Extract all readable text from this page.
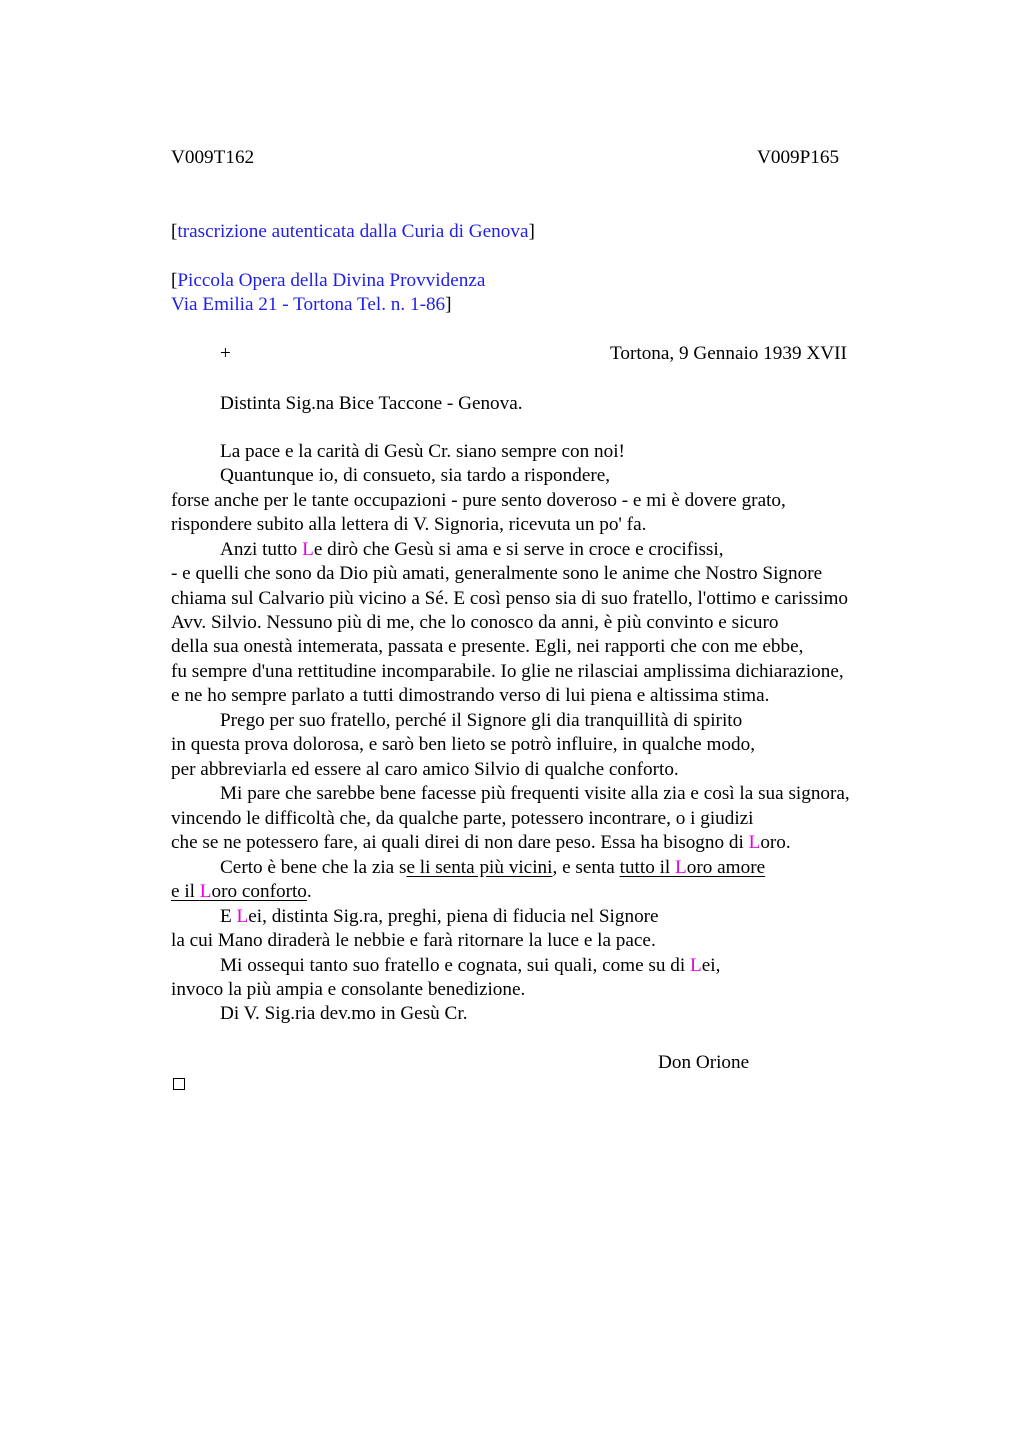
V009T162	V009P165
[trascrizione autenticata dalla Curia di Genova]
[Piccola Opera della Divina Provvidenza
Via Emilia 21 - Tortona Tel. n. 1-86]
+	Tortona, 9 Gennaio 1939 XVII
Distinta Sig.na Bice Taccone - Genova.
La pace e la carità di Gesù Cr. siano sempre con noi!
Quantunque io, di consueto, sia tardo a rispondere,
forse anche per le tante occupazioni - pure sento doveroso - e mi è dovere grato,
rispondere subito alla lettera di V. Signoria, ricevuta un po' fa.
Anzi tutto Le dirò che Gesù si ama e si serve in croce e crocifissi,
- e quelli che sono da Dio più amati, generalmente sono le anime che Nostro Signore
chiama sul Calvario più vicino a Sé. E così penso sia di suo fratello, l'ottimo e carissimo
Avv. Silvio. Nessuno più di me, che lo conosco da anni, è più convinto e sicuro
della sua onestà intemerata, passata e presente. Egli, nei rapporti che con me ebbe,
fu sempre d'una rettitudine incomparabile. Io glie ne rilasciai amplissima dichiarazione,
e ne ho sempre parlato a tutti dimostrando verso di lui piena e altissima stima.
Prego per suo fratello, perché il Signore gli dia tranquillità di spirito
in questa prova dolorosa, e sarò ben lieto se potrò influire, in qualche modo,
per abbreviarla ed essere al caro amico Silvio di qualche conforto.
Mi pare che sarebbe bene facesse più frequenti visite alla zia e così la sua signora,
vincendo le difficoltà che, da qualche parte, potessero incontrare, o i giudizi
che se ne potessero fare, ai quali direi di non dare peso. Essa ha bisogno di Loro.
Certo è bene che la zia se li senta più vicini, e senta tutto il Loro amore
e il Loro conforto.
E Lei, distinta Sig.ra, preghi, piena di fiducia nel Signore
la cui Mano diraderà le nebbie e farà ritornare la luce e la pace.
Mi ossequi tanto suo fratello e cognata, sui quali, come su di Lei,
invoco la più ampia e consolante benedizione.
Di V. Sig.ria dev.mo in Gesù Cr.
Don Orione
